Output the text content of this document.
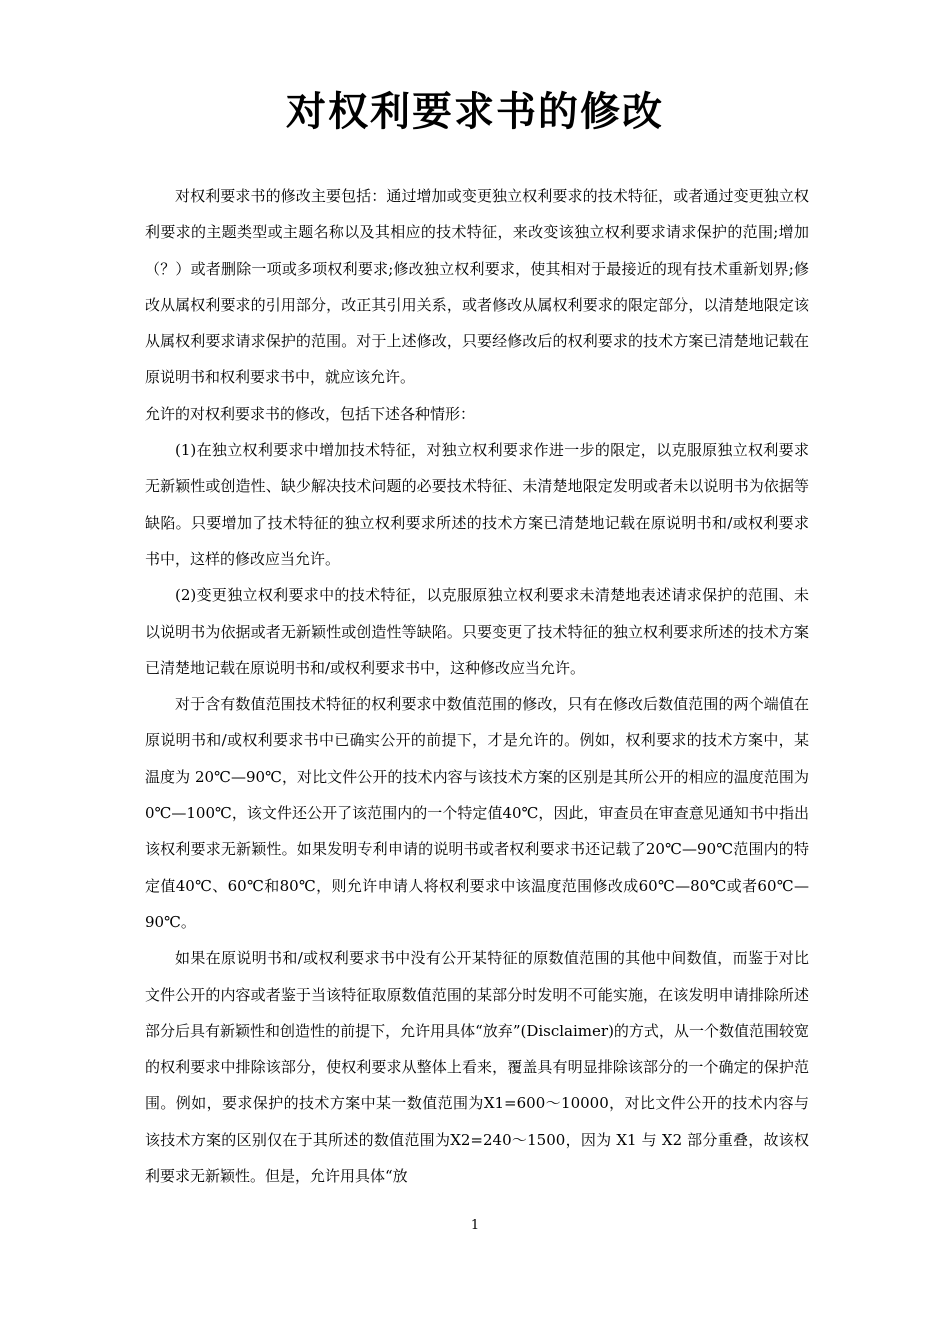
对权利要求书的修改

对权利要求书的修改主要包括：通过增加或变更独立权利要求的技术特征，或者通过变更独立权利要求的主题类型或主题名称以及其相应的技术特征，来改变该独立权利要求请求保护的范围;增加（？）或者删除一项或多项权利要求;修改独立权利要求，使其相对于最接近的现有技术重新划界;修改从属权利要求的引用部分，改正其引用关系，或者修改从属权利要求的限定部分，以清楚地限定该从属权利要求请求保护的范围。对于上述修改，只要经修改后的权利要求的技术方案已清楚地记载在原说明书和权利要求书中，就应该允许。

允许的对权利要求书的修改，包括下述各种情形：

(1)在独立权利要求中增加技术特征，对独立权利要求作进一步的限定，以克服原独立权利要求无新颖性或创造性、缺少解决技术问题的必要技术特征、未清楚地限定发明或者未以说明书为依据等缺陷。只要增加了技术特征的独立权利要求所述的技术方案已清楚地记载在原说明书和/或权利要求书中，这样的修改应当允许。

(2)变更独立权利要求中的技术特征，以克服原独立权利要求未清楚地表述请求保护的范围、未以说明书为依据或者无新颖性或创造性等缺陷。只要变更了技术特征的独立权利要求所述的技术方案已清楚地记载在原说明书和/或权利要求书中，这种修改应当允许。

对于含有数值范围技术特征的权利要求中数值范围的修改，只有在修改后数值范围的两个端值在原说明书和/或权利要求书中已确实公开的前提下，才是允许的。例如，权利要求的技术方案中，某温度为 20℃—90℃，对比文件公开的技术内容与该技术方案的区别是其所公开的相应的温度范围为0℃—100℃，该文件还公开了该范围内的一个特定值40℃，因此，审查员在审查意见通知书中指出该权利要求无新颖性。如果发明专利申请的说明书或者权利要求书还记载了20℃—90℃范围内的特定值40℃、60℃和80℃，则允许申请人将权利要求中该温度范围修改成60℃—80℃或者60℃—90℃。

如果在原说明书和/或权利要求书中没有公开某特征的原数值范围的其他中间数值，而鉴于对比文件公开的内容或者鉴于当该特征取原数值范围的某部分时发明不可能实施，在该发明申请排除所述部分后具有新颖性和创造性的前提下，允许用具体“放弃”(Disclaimer)的方式，从一个数值范围较宽的权利要求中排除该部分，使权利要求从整体上看来，覆盖具有明显排除该部分的一个确定的保护范围。例如，要求保护的技术方案中某一数值范围为X1=600～10000，对比文件公开的技术内容与该技术方案的区别仅在于其所述的数值范围为X2=240～1500，因为 X1 与 X2 部分重叠，故该权利要求无新颖性。但是，允许用具体“放

1
